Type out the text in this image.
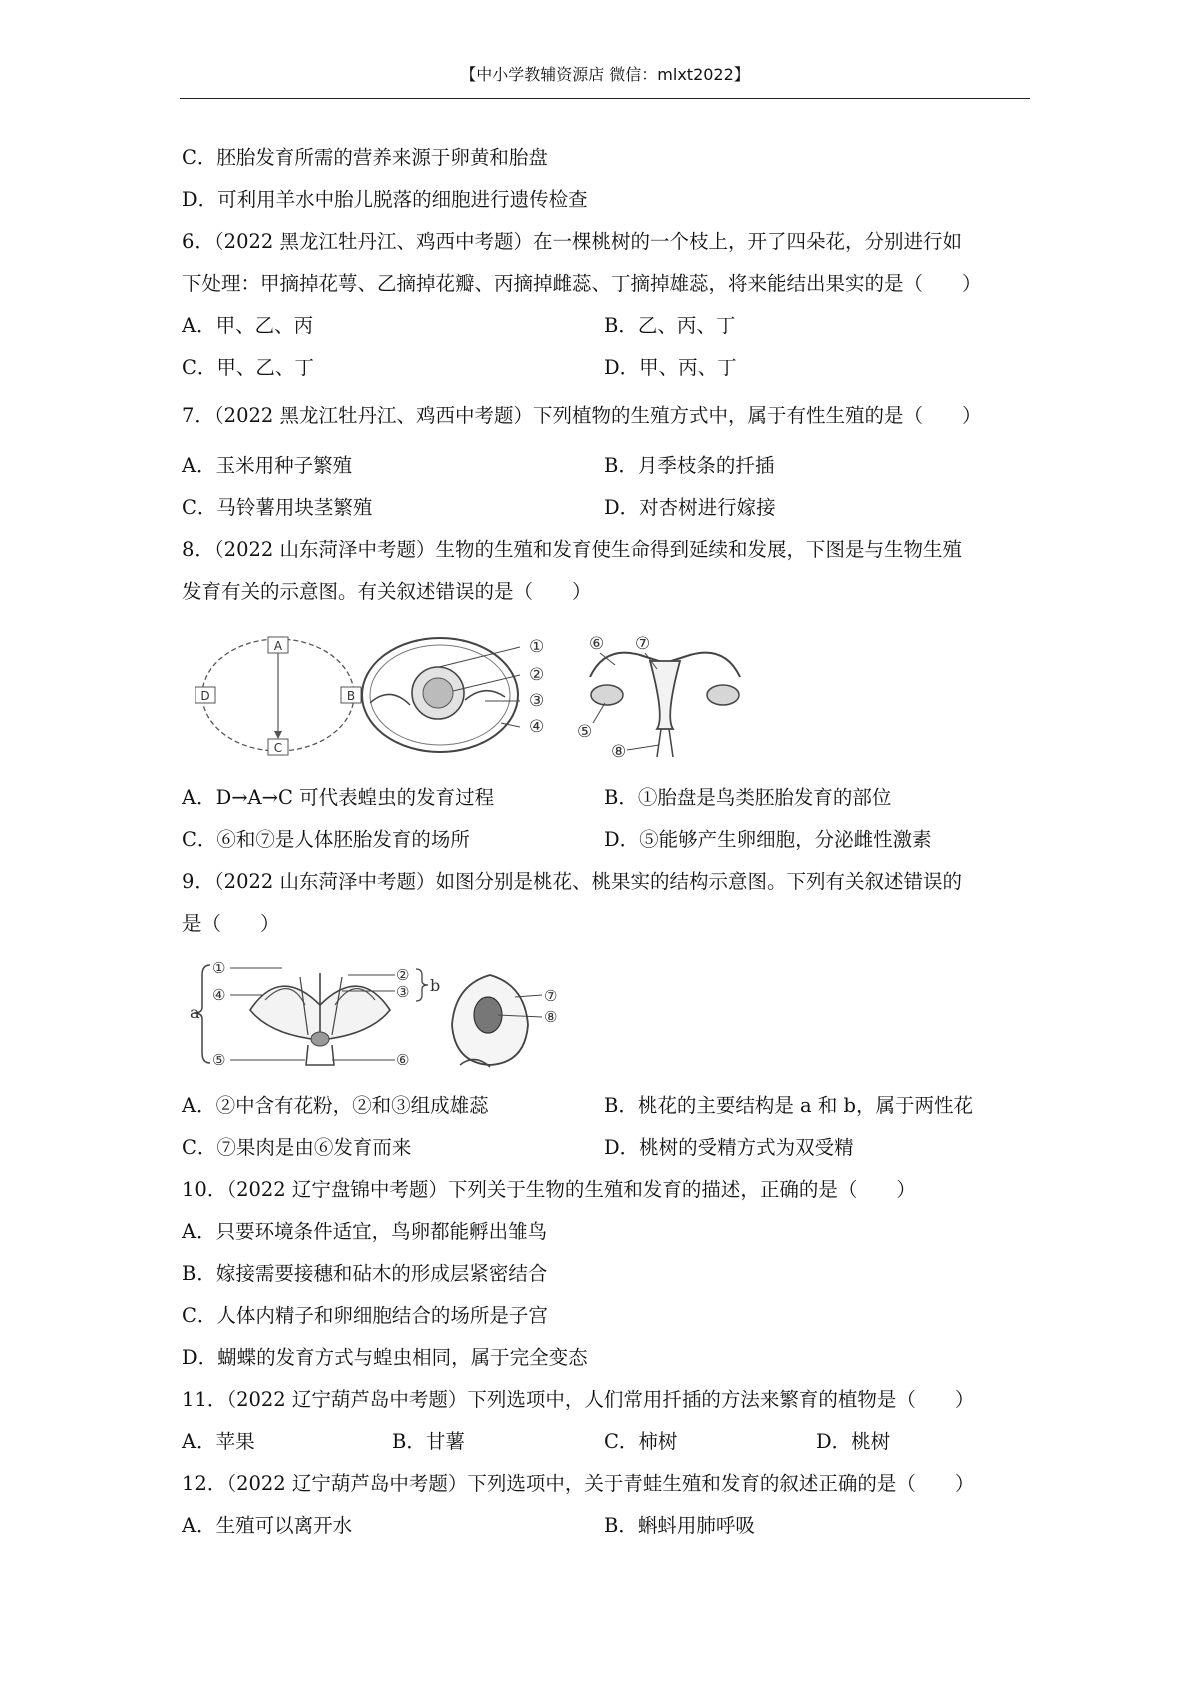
【中小学教辅资源店 微信：mlxt2022】
C．胚胎发育所需的营养来源于卵黄和胎盘
D．可利用羊水中胎儿脱落的细胞进行遗传检查
6．（2022 黑龙江牡丹江、鸡西中考题）在一棵桃树的一个枝上，开了四朵花，分别进行如
下处理：甲摘掉花萼、乙摘掉花瓣、丙摘掉雌蕊、丁摘掉雄蕊，将来能结出果实的是（　　）
A．甲、乙、丙	B．乙、丙、丁
C．甲、乙、丁	D．甲、丙、丁
7．（2022 黑龙江牡丹江、鸡西中考题）下列植物的生殖方式中，属于有性生殖的是（　　）
A．玉米用种子繁殖	B．月季枝条的扦插
C．马铃薯用块茎繁殖	D．对杏树进行嫁接
8．（2022 山东菏泽中考题）生物的生殖和发育使生命得到延续和发展，下图是与生物生殖
发育有关的示意图。有关叙述错误的是（　　）
A
B
C
D
①
②
③
④
⑥ ⑦
⑤
⑧
A．D→A→C 可代表蝗虫的发育过程	B．①胎盘是鸟类胚胎发育的部位
C．⑥和⑦是人体胚胎发育的场所	D．⑤能够产生卵细胞，分泌雌性激素
9．（2022 山东菏泽中考题）如图分别是桃花、桃果实的结构示意图。下列有关叙述错误的
是（　　）
a
①
④
⑤
②
③
⑥
b
⑦
⑧
A．②中含有花粉，②和③组成雄蕊	B．桃花的主要结构是 a 和 b，属于两性花
C．⑦果肉是由⑥发育而来	D．桃树的受精方式为双受精
10．（2022 辽宁盘锦中考题）下列关于生物的生殖和发育的描述，正确的是（　　）
A．只要环境条件适宜，鸟卵都能孵出雏鸟
B．嫁接需要接穗和砧木的形成层紧密结合
C．人体内精子和卵细胞结合的场所是子宫
D．蝴蝶的发育方式与蝗虫相同，属于完全变态
11．（2022 辽宁葫芦岛中考题）下列选项中，人们常用扦插的方法来繁育的植物是（　　）
A．苹果	B．甘薯	C．柿树	D．桃树
12．（2022 辽宁葫芦岛中考题）下列选项中，关于青蛙生殖和发育的叙述正确的是（　　）
A．生殖可以离开水	B．蝌蚪用肺呼吸
